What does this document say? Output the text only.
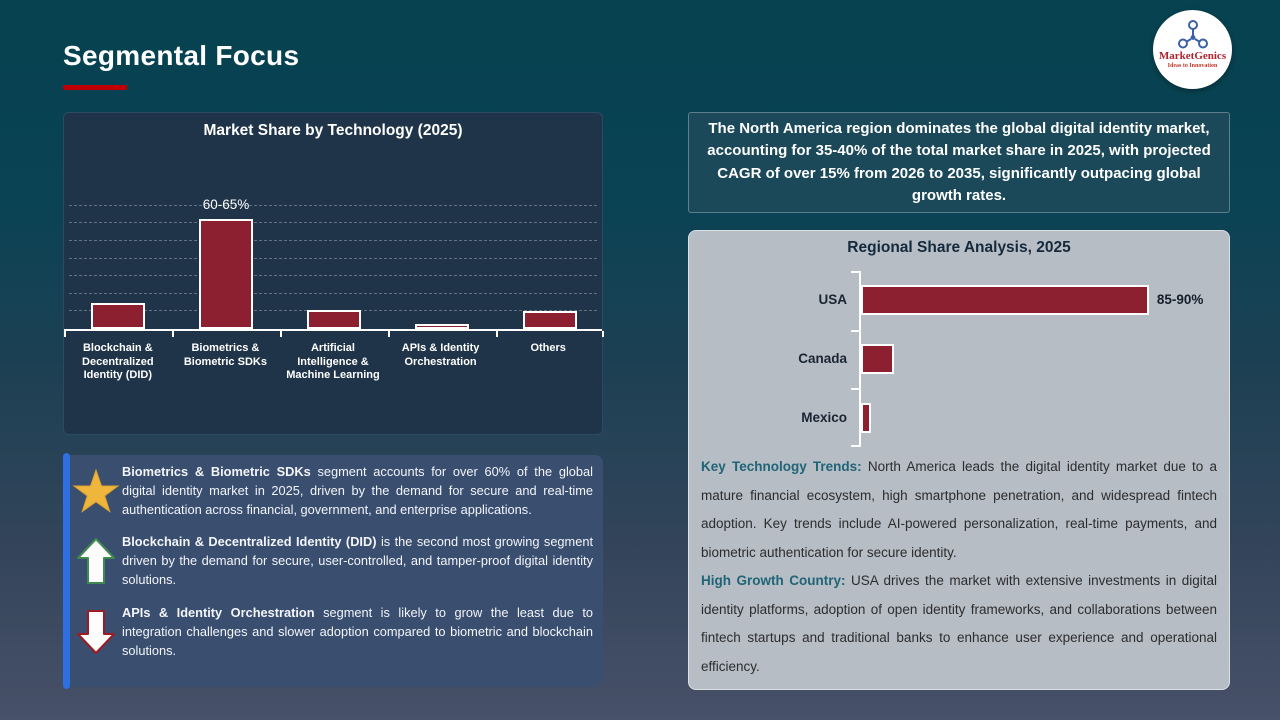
Segmental Focus	MarketGenics
Ideas to Innovation
Market Share by Technology (2025)
60-65%
Blockchain & Decentralized Identity (DID)
Biometrics & Biometric SDKs
Artificial Intelligence & Machine Learning
APIs & Identity Orchestration
Others

The North America region dominates the global digital identity market, accounting for 35-40% of the total market share in 2025, with projected CAGR of over 15% from 2026 to 2035, significantly outpacing global growth rates.

Regional Share Analysis, 2025
USA	85-90%
Canada
Mexico

Key Technology Trends: North America leads the digital identity market due to a mature financial ecosystem, high smartphone penetration, and widespread fintech adoption. Key trends include AI-powered personalization, real-time payments, and biometric authentication for secure identity.

High Growth Country: USA drives the market with extensive investments in digital identity platforms, adoption of open identity frameworks, and collaborations between fintech startups and traditional banks to enhance user experience and operational efficiency.

Biometrics & Biometric SDKs segment accounts for over 60% of the global digital identity market in 2025, driven by the demand for secure and real-time authentication across financial, government, and enterprise applications.

Blockchain & Decentralized Identity (DID) is the second most growing segment driven by the demand for secure, user-controlled, and tamper-proof digital identity solutions.

APIs & Identity Orchestration segment is likely to grow the least due to integration challenges and slower adoption compared to biometric and blockchain solutions.
